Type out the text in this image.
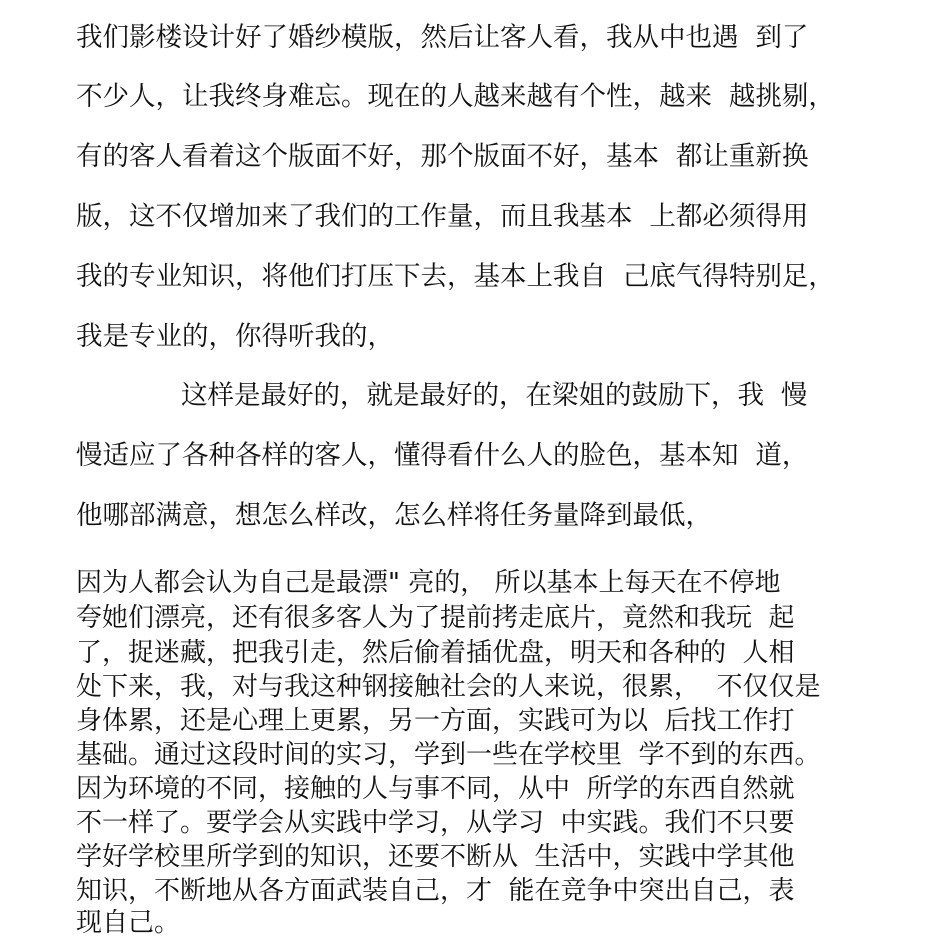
我们影楼设计好了婚纱模版，然后让客人看，我从中也遇  到了
不少人，让我终身难忘。现在的人越来越有个性，越来  越挑剔，
有的客人看着这个版面不好，那个版面不好，基本  都让重新换
版，这不仅增加来了我们的工作量，而且我基本  上都必须得用
我的专业知识，将他们打压下去，基本上我自  己底气得特别足，
我是专业的，你得听我的，
这样是最好的，就是最好的，在梁姐的鼓励下，我  慢
慢适应了各种各样的客人，懂得看什么人的脸色，基本知  道，
他哪部满意，想怎么样改，怎么样将任务量降到最低，
因为人都会认为自己是最漂" 亮的， 所以基本上每天在不停地
夸她们漂亮，还有很多客人为了提前拷走底片，竟然和我玩  起
了，捉迷藏，把我引走，然后偷着插优盘，明天和各种的  人相
处下来，我，对与我这种钢接触社会的人来说，很累，  不仅仅是
身体累，还是心理上更累，另一方面，实践可为以  后找工作打
基础。通过这段时间的实习，学到一些在学校里  学不到的东西。
因为环境的不同，接触的人与事不同，从中  所学的东西自然就
不一样了。要学会从实践中学习，从学习  中实践。我们不只要
学好学校里所学到的知识，还要不断从  生活中，实践中学其他
知识，不断地从各方面武装自己，才  能在竞争中突出自己，表
现自己。
